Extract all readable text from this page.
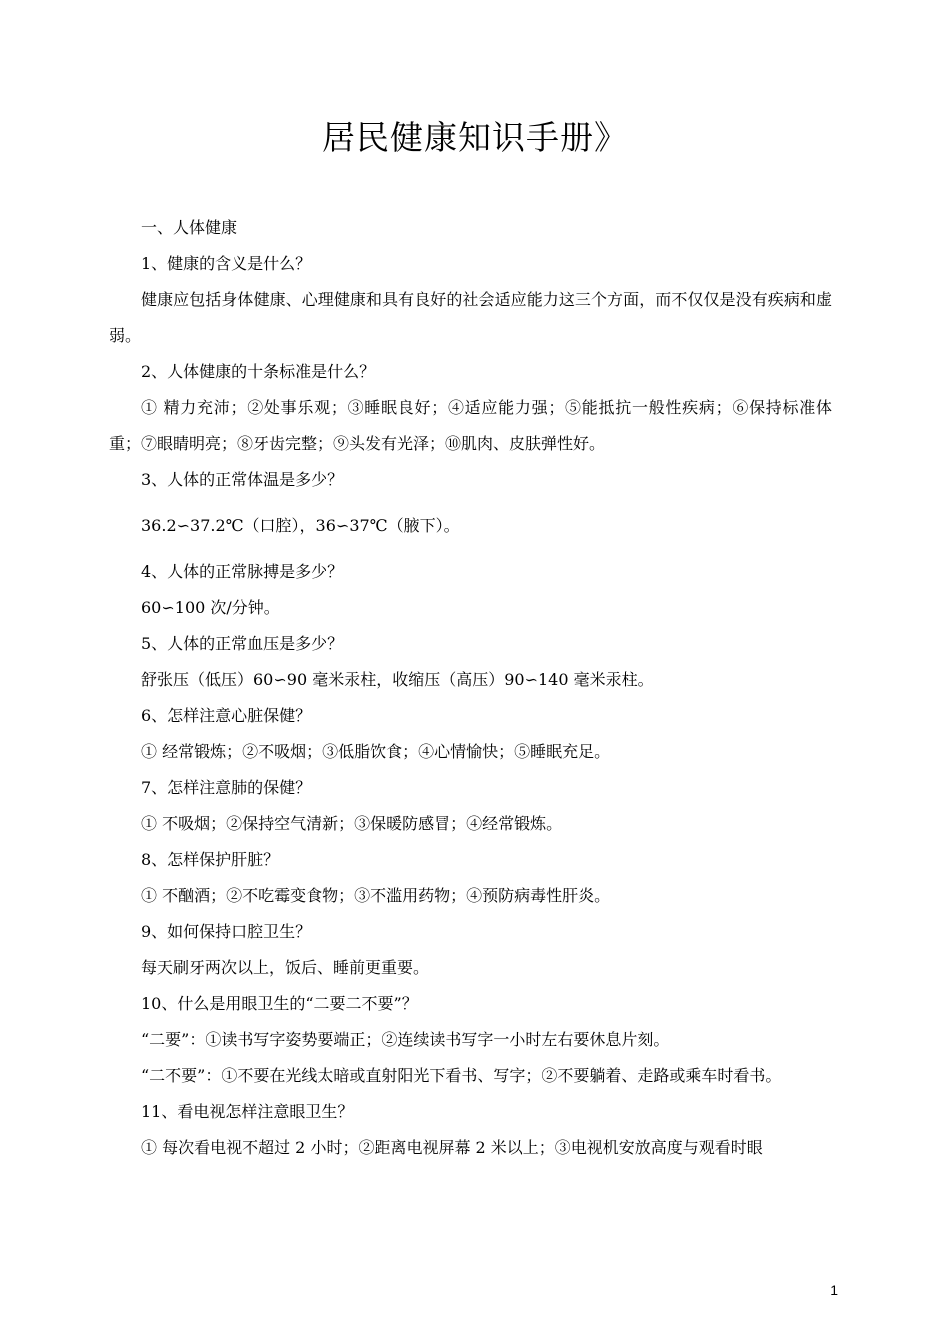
居民健康知识手册》

一、人体健康

1、健康的含义是什么？

健康应包括身体健康、心理健康和具有良好的社会适应能力这三个方面，而不仅仅是没有疾病和虚弱。

2、人体健康的十条标准是什么？

① 精力充沛；②处事乐观；③睡眠良好；④适应能力强；⑤能抵抗一般性疾病；⑥保持标准体重；⑦眼睛明亮；⑧牙齿完整；⑨头发有光泽；⑩肌肉、皮肤弹性好。

3、人体的正常体温是多少？

36.2∽37.2℃（口腔），36∽37℃（腋下）。

4、人体的正常脉搏是多少？

60∽100 次/分钟。

5、人体的正常血压是多少？

舒张压（低压）60∽90 毫米汞柱，收缩压（高压）90∽140 毫米汞柱。

6、怎样注意心脏保健？

① 经常锻炼；②不吸烟；③低脂饮食；④心情愉快；⑤睡眠充足。

7、怎样注意肺的保健？

① 不吸烟；②保持空气清新；③保暖防感冒；④经常锻炼。

8、怎样保护肝脏？

① 不酗酒；②不吃霉变食物；③不滥用药物；④预防病毒性肝炎。

9、如何保持口腔卫生？

每天刷牙两次以上，饭后、睡前更重要。

10、什么是用眼卫生的“二要二不要”？

“二要”：①读书写字姿势要端正；②连续读书写字一小时左右要休息片刻。

“二不要”：①不要在光线太暗或直射阳光下看书、写字；②不要躺着、走路或乘车时看书。

11、看电视怎样注意眼卫生？

① 每次看电视不超过 2 小时；②距离电视屏幕 2 米以上；③电视机安放高度与观看时眼

1
